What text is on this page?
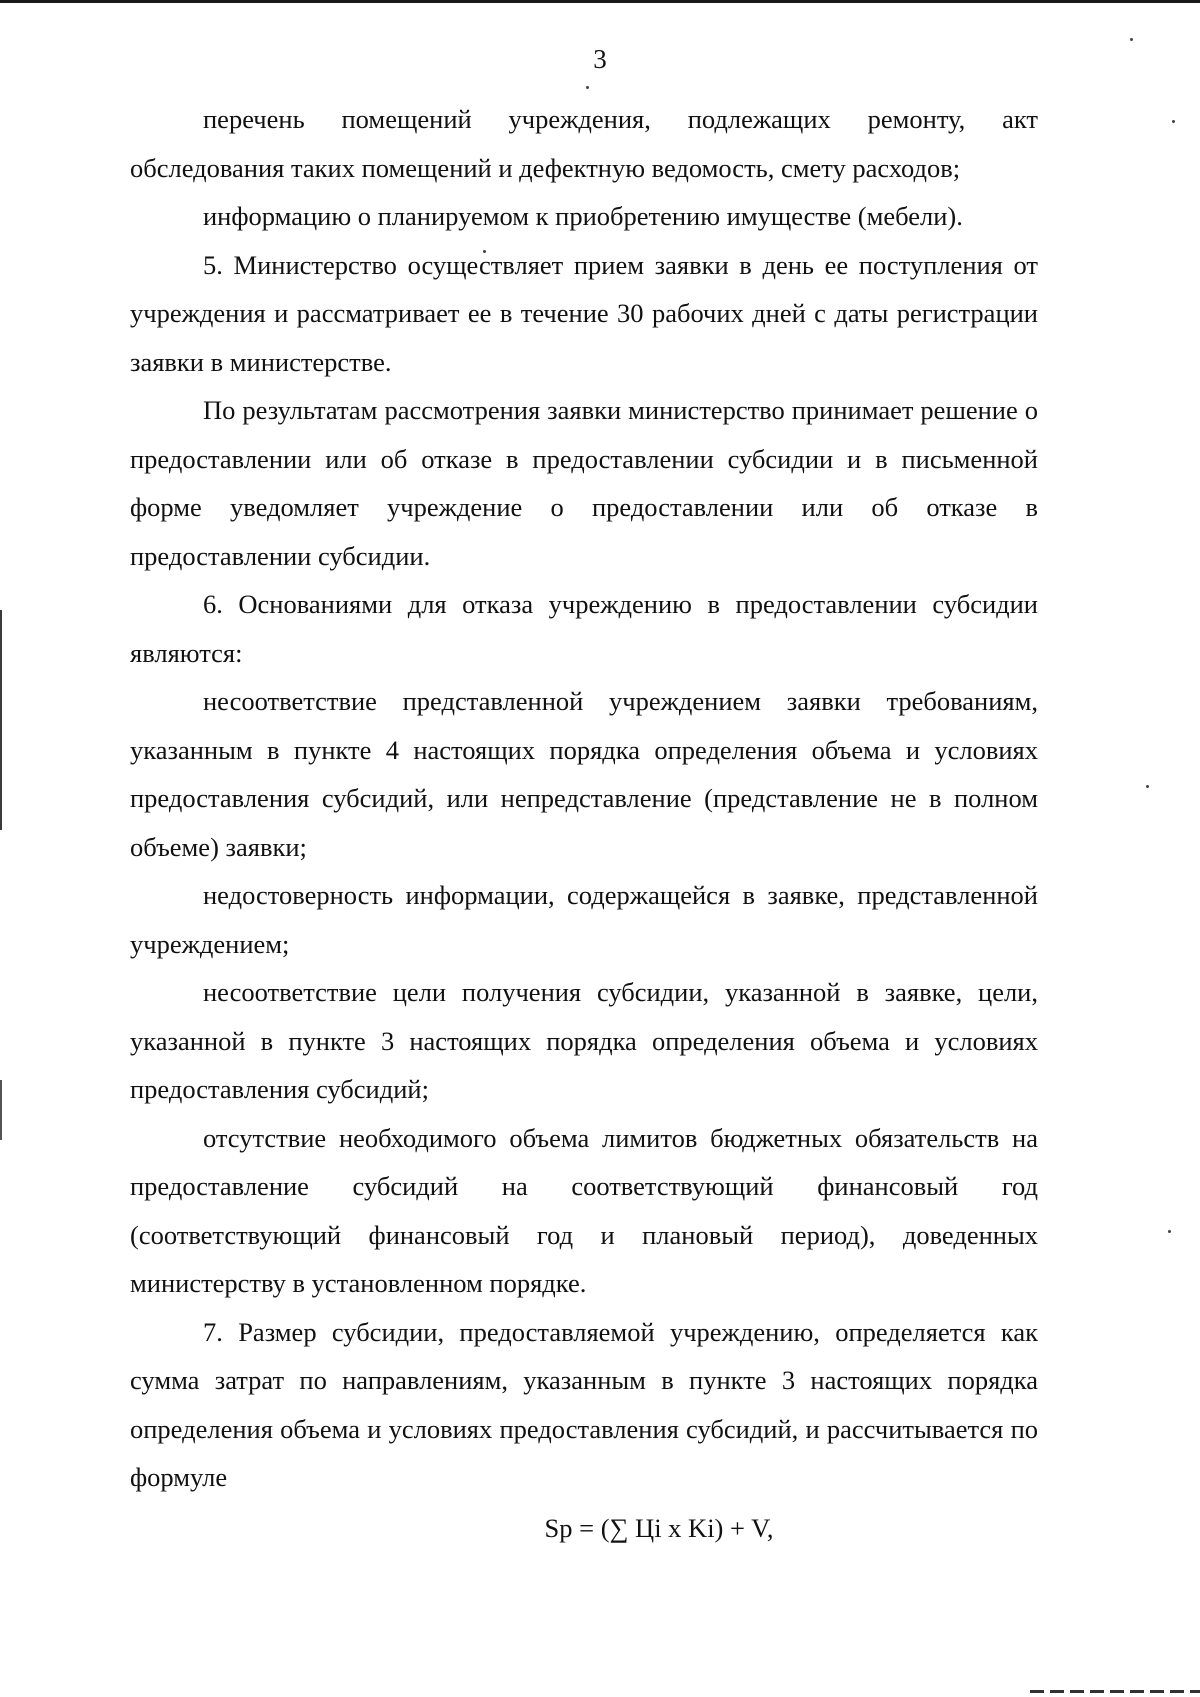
3

перечень помещений учреждения, подлежащих ремонту, акт обследования таких помещений и дефектную ведомость, смету расходов;

информацию о планируемом к приобретению имуществе (мебели).

5. Министерство осуществляет прием заявки в день ее поступления от учреждения и рассматривает ее в течение 30 рабочих дней с даты регистрации заявки в министерстве.

По результатам рассмотрения заявки министерство принимает решение о предоставлении или об отказе в предоставлении субсидии и в письменной форме уведомляет учреждение о предоставлении или об отказе в предоставлении субсидии.

6. Основаниями для отказа учреждению в предоставлении субсидии являются:

несоответствие представленной учреждением заявки требованиям, указанным в пункте 4 настоящих порядка определения объема и условиях предоставления субсидий, или непредставление (представление не в полном объеме) заявки;

недостоверность информации, содержащейся в заявке, представленной учреждением;

несоответствие цели получения субсидии, указанной в заявке, цели, указанной в пункте 3 настоящих порядка определения объема и условиях предоставления субсидий;

отсутствие необходимого объема лимитов бюджетных обязательств на предоставление субсидий на соответствующий финансовый год (соответствующий финансовый год и плановый период), доведенных министерству в установленном порядке.

7. Размер субсидии, предоставляемой учреждению, определяется как сумма затрат по направлениям, указанным в пункте 3 настоящих порядка определения объема и условиях предоставления субсидий, и рассчитывается по формуле

Sp = (∑ Цi x Ki) + V,
